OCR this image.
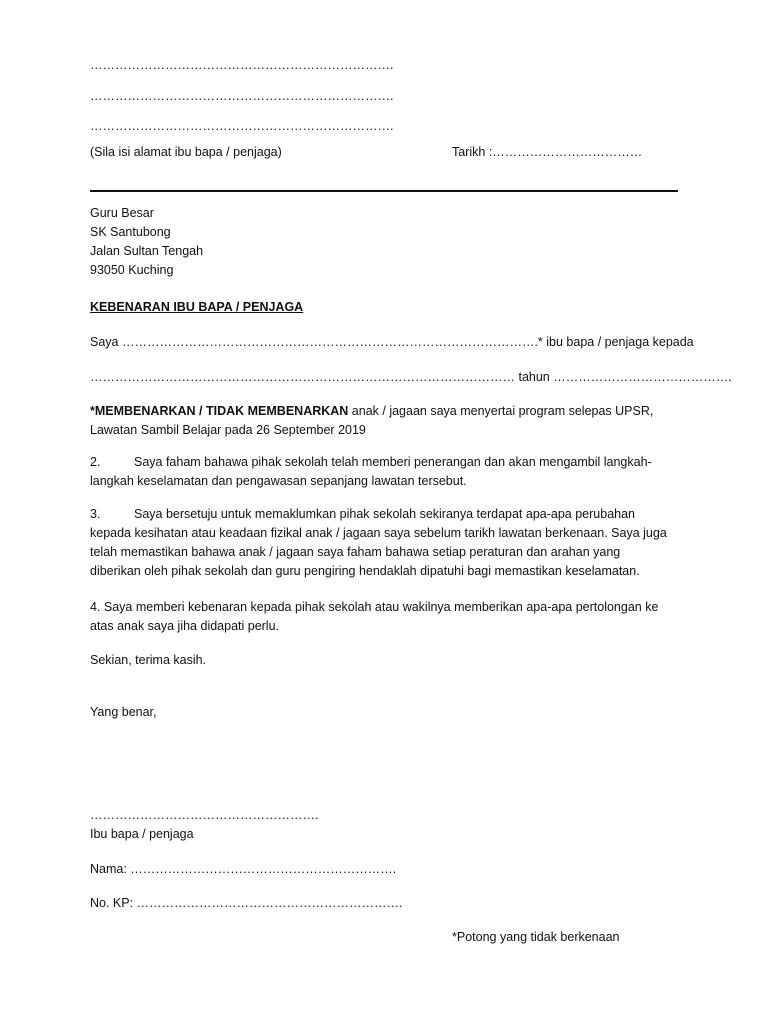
……………………………………………………………….
……………………………………………………………….
……………………………………………………………….
(Sila isi alamat ibu bapa / penjaga)	Tarikh :………………………………
Guru Besar
SK Santubong
Jalan Sultan Tengah
93050 Kuching
KEBENARAN IBU BAPA / PENJAGA
Saya ……………………………………………………………………………………….* ibu bapa / penjaga kepada
………………………………………………………………………………………… tahun …………………………………….
*MEMBENARKAN / TIDAK MEMBENARKAN anak / jagaan saya menyertai program selepas UPSR, Lawatan Sambil Belajar pada 26 September 2019
2.	Saya faham bahawa pihak sekolah telah memberi penerangan dan akan mengambil langkah-langkah keselamatan dan pengawasan sepanjang lawatan tersebut.
3.	Saya bersetuju untuk memaklumkan pihak sekolah sekiranya terdapat apa-apa perubahan kepada kesihatan atau keadaan fizikal anak / jagaan saya sebelum tarikh lawatan berkenaan. Saya juga telah memastikan bahawa anak / jagaan saya faham bahawa setiap peraturan dan arahan yang diberikan oleh pihak sekolah dan guru pengiring hendaklah dipatuhi bagi memastikan keselamatan.
4. Saya memberi kebenaran kepada pihak sekolah atau wakilnya memberikan apa-apa pertolongan ke atas anak saya jiha didapati perlu.
Sekian, terima kasih.
Yang benar,
……………………………………………….
Ibu bapa / penjaga
Nama: ……………………………………………………….
No. KP: ……………………………………………………….
*Potong yang tidak berkenaan
